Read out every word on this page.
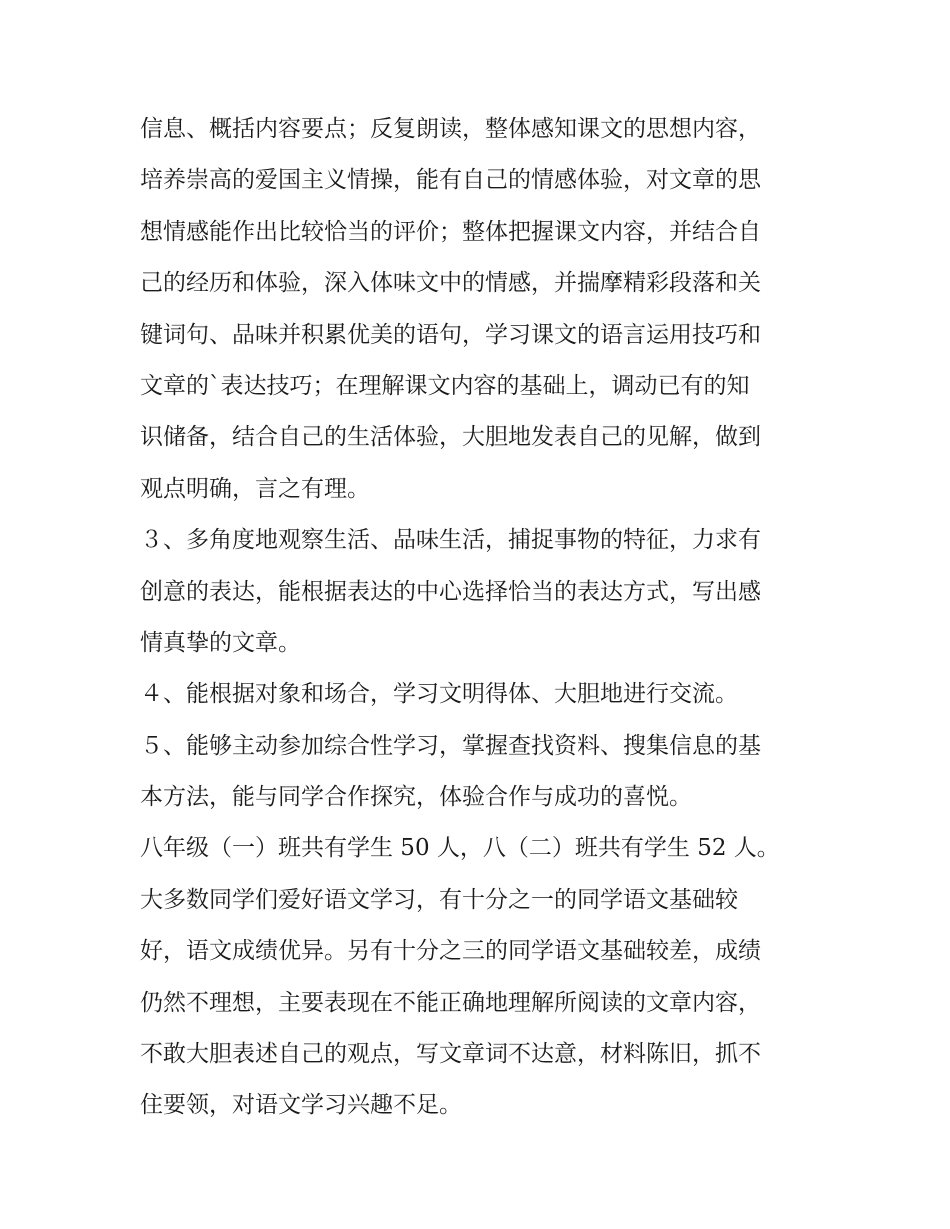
信息、概括内容要点；反复朗读，整体感知课文的思想内容，
培养崇高的爱国主义情操，能有自己的情感体验，对文章的思
想情感能作出比较恰当的评价；整体把握课文内容，并结合自
己的经历和体验，深入体味文中的情感，并揣摩精彩段落和关
键词句、品味并积累优美的语句，学习课文的语言运用技巧和
文章的`表达技巧；在理解课文内容的基础上，调动已有的知
识储备，结合自己的生活体验，大胆地发表自己的见解，做到
观点明确，言之有理。
３、多角度地观察生活、品味生活，捕捉事物的特征，力求有
创意的表达，能根据表达的中心选择恰当的表达方式，写出感
情真挚的文章。
４、能根据对象和场合，学习文明得体、大胆地进行交流。
５、能够主动参加综合性学习，掌握查找资料、搜集信息的基
本方法，能与同学合作探究，体验合作与成功的喜悦。
八年级（一）班共有学生 50 人，八（二）班共有学生 52 人。
大多数同学们爱好语文学习，有十分之一的同学语文基础较
好，语文成绩优异。另有十分之三的同学语文基础较差，成绩
仍然不理想，主要表现在不能正确地理解所阅读的文章内容，
不敢大胆表述自己的观点，写文章词不达意，材料陈旧，抓不
住要领，对语文学习兴趣不足。
